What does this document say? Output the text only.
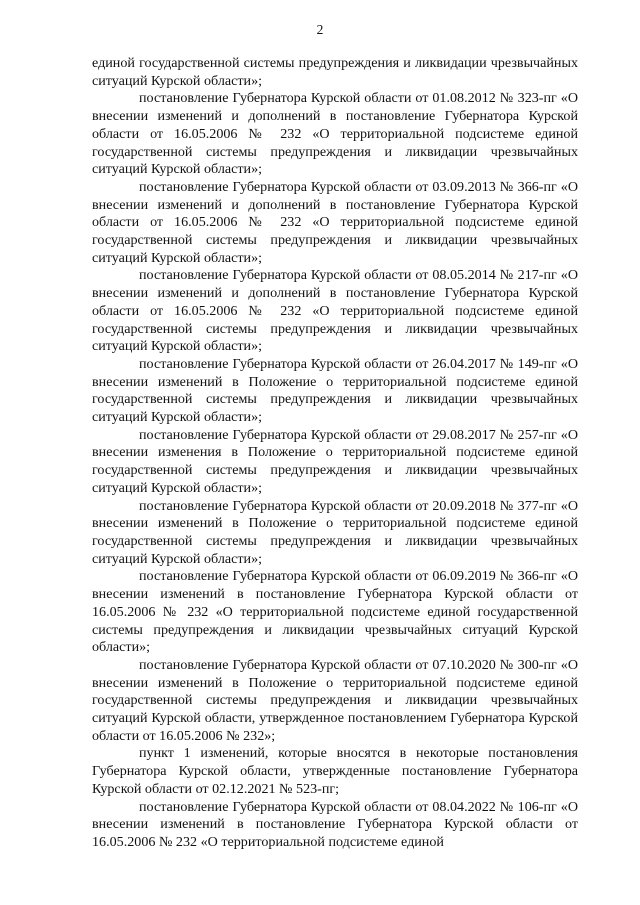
2

единой государственной системы предупреждения и ликвидации чрезвычайных ситуаций Курской области»;

постановление Губернатора Курской области от 01.08.2012 № 323-пг «О внесении изменений и дополнений в постановление Губернатора Курской области от 16.05.2006 № 232 «О территориальной подсистеме единой государственной системы предупреждения и ликвидации чрезвычайных ситуаций Курской области»;

постановление Губернатора Курской области от 03.09.2013 № 366-пг «О внесении изменений и дополнений в постановление Губернатора Курской области от 16.05.2006 № 232 «О территориальной подсистеме единой государственной системы предупреждения и ликвидации чрезвычайных ситуаций Курской области»;

постановление Губернатора Курской области от 08.05.2014 № 217-пг «О внесении изменений и дополнений в постановление Губернатора Курской области от 16.05.2006 № 232 «О территориальной подсистеме единой государственной системы предупреждения и ликвидации чрезвычайных ситуаций Курской области»;

постановление Губернатора Курской области от 26.04.2017 № 149-пг «О внесении изменений в Положение о территориальной подсистеме единой государственной системы предупреждения и ликвидации чрезвычайных ситуаций Курской области»;

постановление Губернатора Курской области от 29.08.2017 № 257-пг «О внесении изменения в Положение о территориальной подсистеме единой государственной системы предупреждения и ликвидации чрезвычайных ситуаций Курской области»;

постановление Губернатора Курской области от 20.09.2018 № 377-пг «О внесении изменений в Положение о территориальной подсистеме единой государственной системы предупреждения и ликвидации чрезвычайных ситуаций Курской области»;

постановление Губернатора Курской области от 06.09.2019 № 366-пг «О внесении изменений в постановление Губернатора Курской области от 16.05.2006 № 232 «О территориальной подсистеме единой государственной системы предупреждения и ликвидации чрезвычайных ситуаций Курской области»;

постановление Губернатора Курской области от 07.10.2020 № 300-пг «О внесении изменений в Положение о территориальной подсистеме единой государственной системы предупреждения и ликвидации чрезвычайных ситуаций Курской области, утвержденное постановлением Губернатора Курской области от 16.05.2006 № 232»;

пункт 1 изменений, которые вносятся в некоторые постановления Губернатора Курской области, утвержденные постановление Губернатора Курской области от 02.12.2021 № 523-пг;

постановление Губернатора Курской области от 08.04.2022 № 106-пг «О внесении изменений в постановление Губернатора Курской области от 16.05.2006 № 232 «О территориальной подсистеме единой
